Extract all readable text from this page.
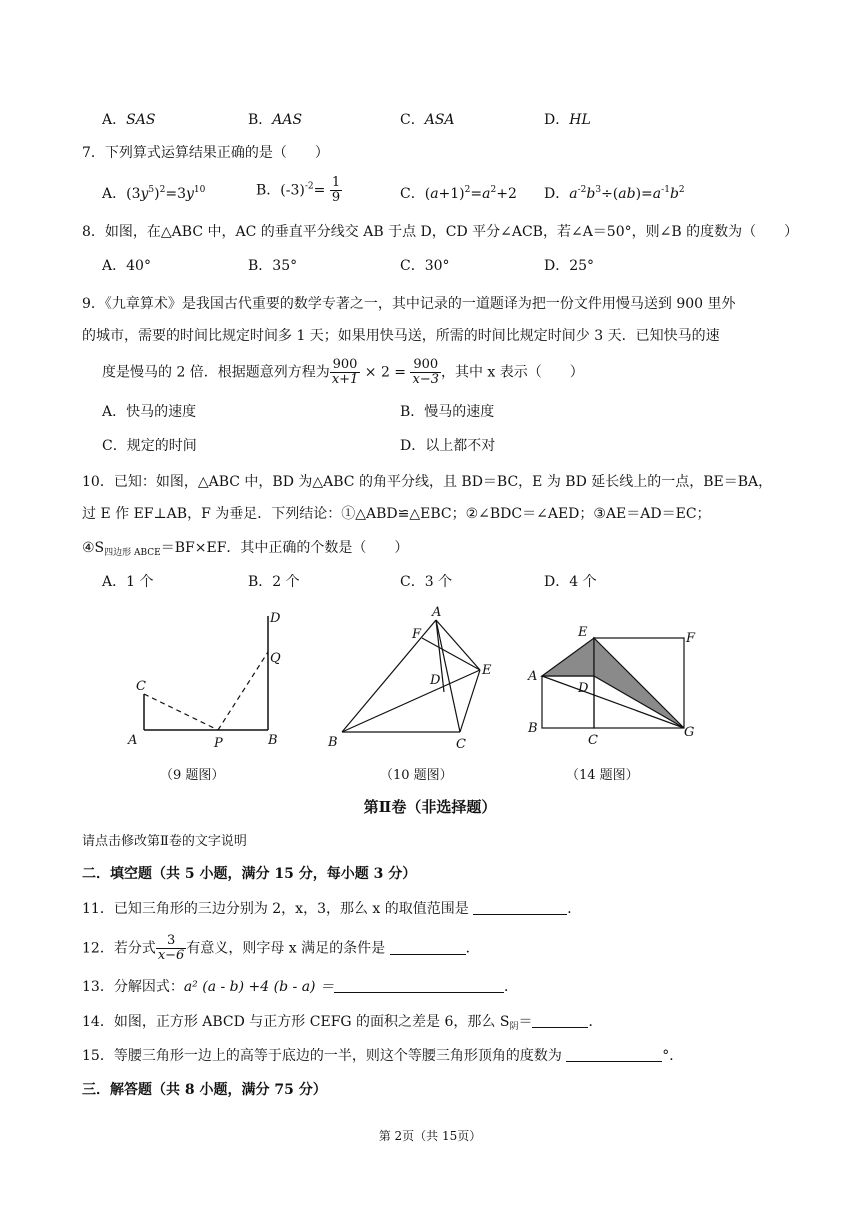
A．SAS	B．AAS	C．ASA	D．HL
7．下列算式运算结果正确的是（　　）
A．$(3y^5)^2=3y^{10}$	B．$(-3)^{-2}= \frac{1}{9}$	C．$(a+1)^2=a^2+2$ D．$a^{-2}b^3\div(ab)=a^{-1}b^2$
8．如图，在△ABC 中，AC 的垂直平分线交 AB 于点 D，CD 平分∠ACB，若∠A＝50°，则∠B 的度数为（　　）
A．40°	B．35°	C．30°	D．25°
9．《九章算术》是我国古代重要的数学专著之一，其中记录的一道题译为把一份文件用慢马送到 900 里外
的城市，需要的时间比规定时间多 1 天；如果用快马送，所需的时间比规定时间少 3 天．已知快马的速
度是慢马的 2 倍．根据题意列方程为 $\frac{900}{x+1} \times 2 = \frac{900}{x-3}$ ，其中 x 表示（　　）
A．快马的速度	B．慢马的速度
C．规定的时间	D．以上都不对
10．已知：如图，△ABC 中，BD 为△ABC 的角平分线，且 BD＝BC，E 为 BD 延长线上的一点，BE＝BA，
过 E 作 EF⊥AB，F 为垂足．下列结论：①△ABD≌△EBC；②∠BDC＝∠AED；③AE＝AD＝EC；
$④S_{四边形 ABCE}=BF\times EF$．其中正确的个数是（　　）
A．1 个	B．2 个	C．3 个	D．4 个
C
A	P	B
Q
D
（9 题图）
A
F
E
D
B	C
（10 题图）
E	F
A
D
B
C
G
（14 题图）
第Ⅱ卷（非选择题）
请点击修改第Ⅱ卷的文字说明
二．填空题（共 5 小题，满分 15 分，每小题 3 分）
11．已知三角形的三边分别为 2，x，3，那么 x 的取值范围是	．
12．若分式 $\frac{3}{x-6}$ 有意义，则字母 x 满足的条件是	．
13．分解因式：a² (a - b) +4 (b - a) ＝	．
14．如图，正方形 ABCD 与正方形 CEFG 的面积之差是 6，那么 $S_阴=$	．
15．等腰三角形一边上的高等于底边的一半，则这个等腰三角形顶角的度数为	°．
三．解答题（共 8 小题，满分 75 分）
第 2页（共 15页）
